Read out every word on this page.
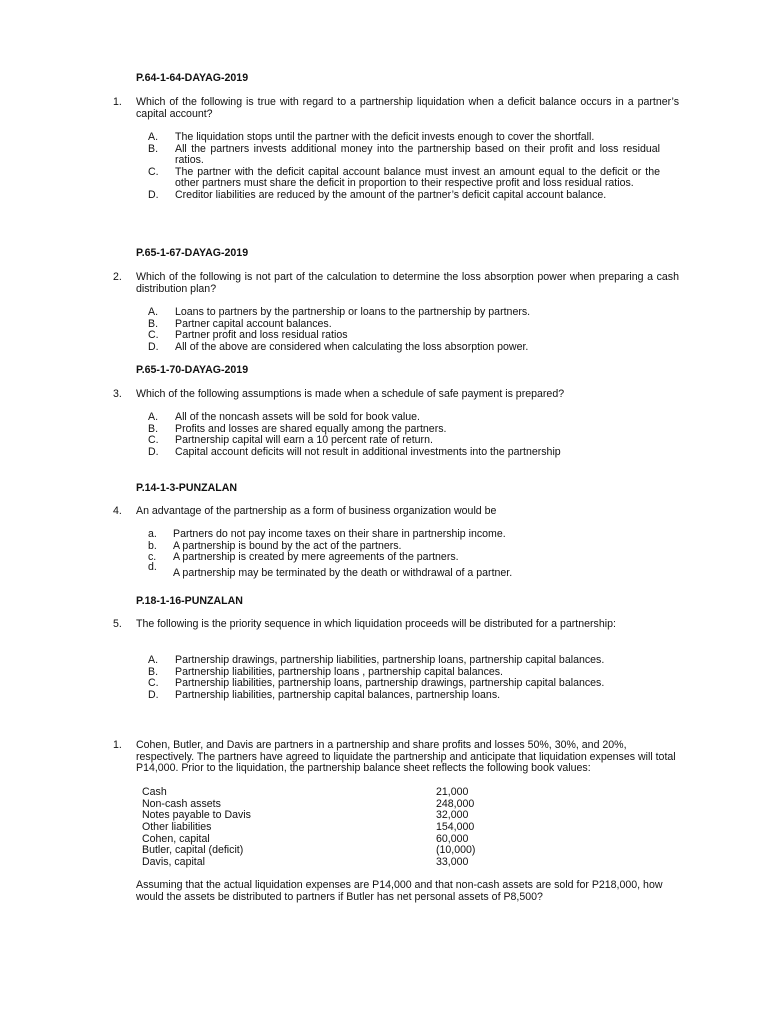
P.64-1-64-DAYAG-2019
1. Which of the following is true with regard to a partnership liquidation when a deficit balance occurs in a partner’s capital account?
A. The liquidation stops until the partner with the deficit invests enough to cover the shortfall.
B. All the partners invests additional money into the partnership based on their profit and loss residual ratios.
C. The partner with the deficit capital account balance must invest an amount equal to the deficit or the other partners must share the deficit in proportion to their respective profit and loss residual ratios.
D. Creditor liabilities are reduced by the amount of the partner’s deficit capital account balance.
P.65-1-67-DAYAG-2019
2. Which of the following is not part of the calculation to determine the loss absorption power when preparing a cash distribution plan?
A. Loans to partners by the partnership or loans to the partnership by partners.
B. Partner capital account balances.
C. Partner profit and loss residual ratios
D. All of the above are considered when calculating the loss absorption power.
P.65-1-70-DAYAG-2019
3. Which of the following assumptions is made when a schedule of safe payment is prepared?
A. All of the noncash assets will be sold for book value.
B. Profits and losses are shared equally among the partners.
C. Partnership capital will earn a 10 percent rate of return.
D. Capital account deficits will not result in additional investments into the partnership
P.14-1-3-PUNZALAN
4. An advantage of the partnership as a form of business organization would be
a. Partners do not pay income taxes on their share in partnership income.
b. A partnership is bound by the act of the partners.
c. A partnership is created by mere agreements of the partners.
d. A partnership may be terminated by the death or withdrawal of a partner.
P.18-1-16-PUNZALAN
5. The following is the priority sequence in which liquidation proceeds will be distributed for a partnership:
A. Partnership drawings, partnership liabilities, partnership loans, partnership capital balances.
B. Partnership liabilities, partnership loans , partnership capital balances.
C. Partnership liabilities, partnership loans, partnership drawings, partnership capital balances.
D. Partnership liabilities, partnership capital balances, partnership loans.
1. Cohen, Butler, and Davis are partners in a partnership and share profits and losses 50%, 30%, and 20%, respectively. The partners have agreed to liquidate the partnership and anticipate that liquidation expenses will total P14,000. Prior to the liquidation, the partnership balance sheet reflects the following book values:
Cash	21,000
Non-cash assets	248,000
Notes payable to Davis	32,000
Other liabilities	154,000
Cohen, capital	60,000
Butler, capital (deficit)	(10,000)
Davis, capital	33,000
Assuming that the actual liquidation expenses are P14,000 and that non-cash assets are sold for P218,000, how would the assets be distributed to partners if Butler has net personal assets of P8,500?
